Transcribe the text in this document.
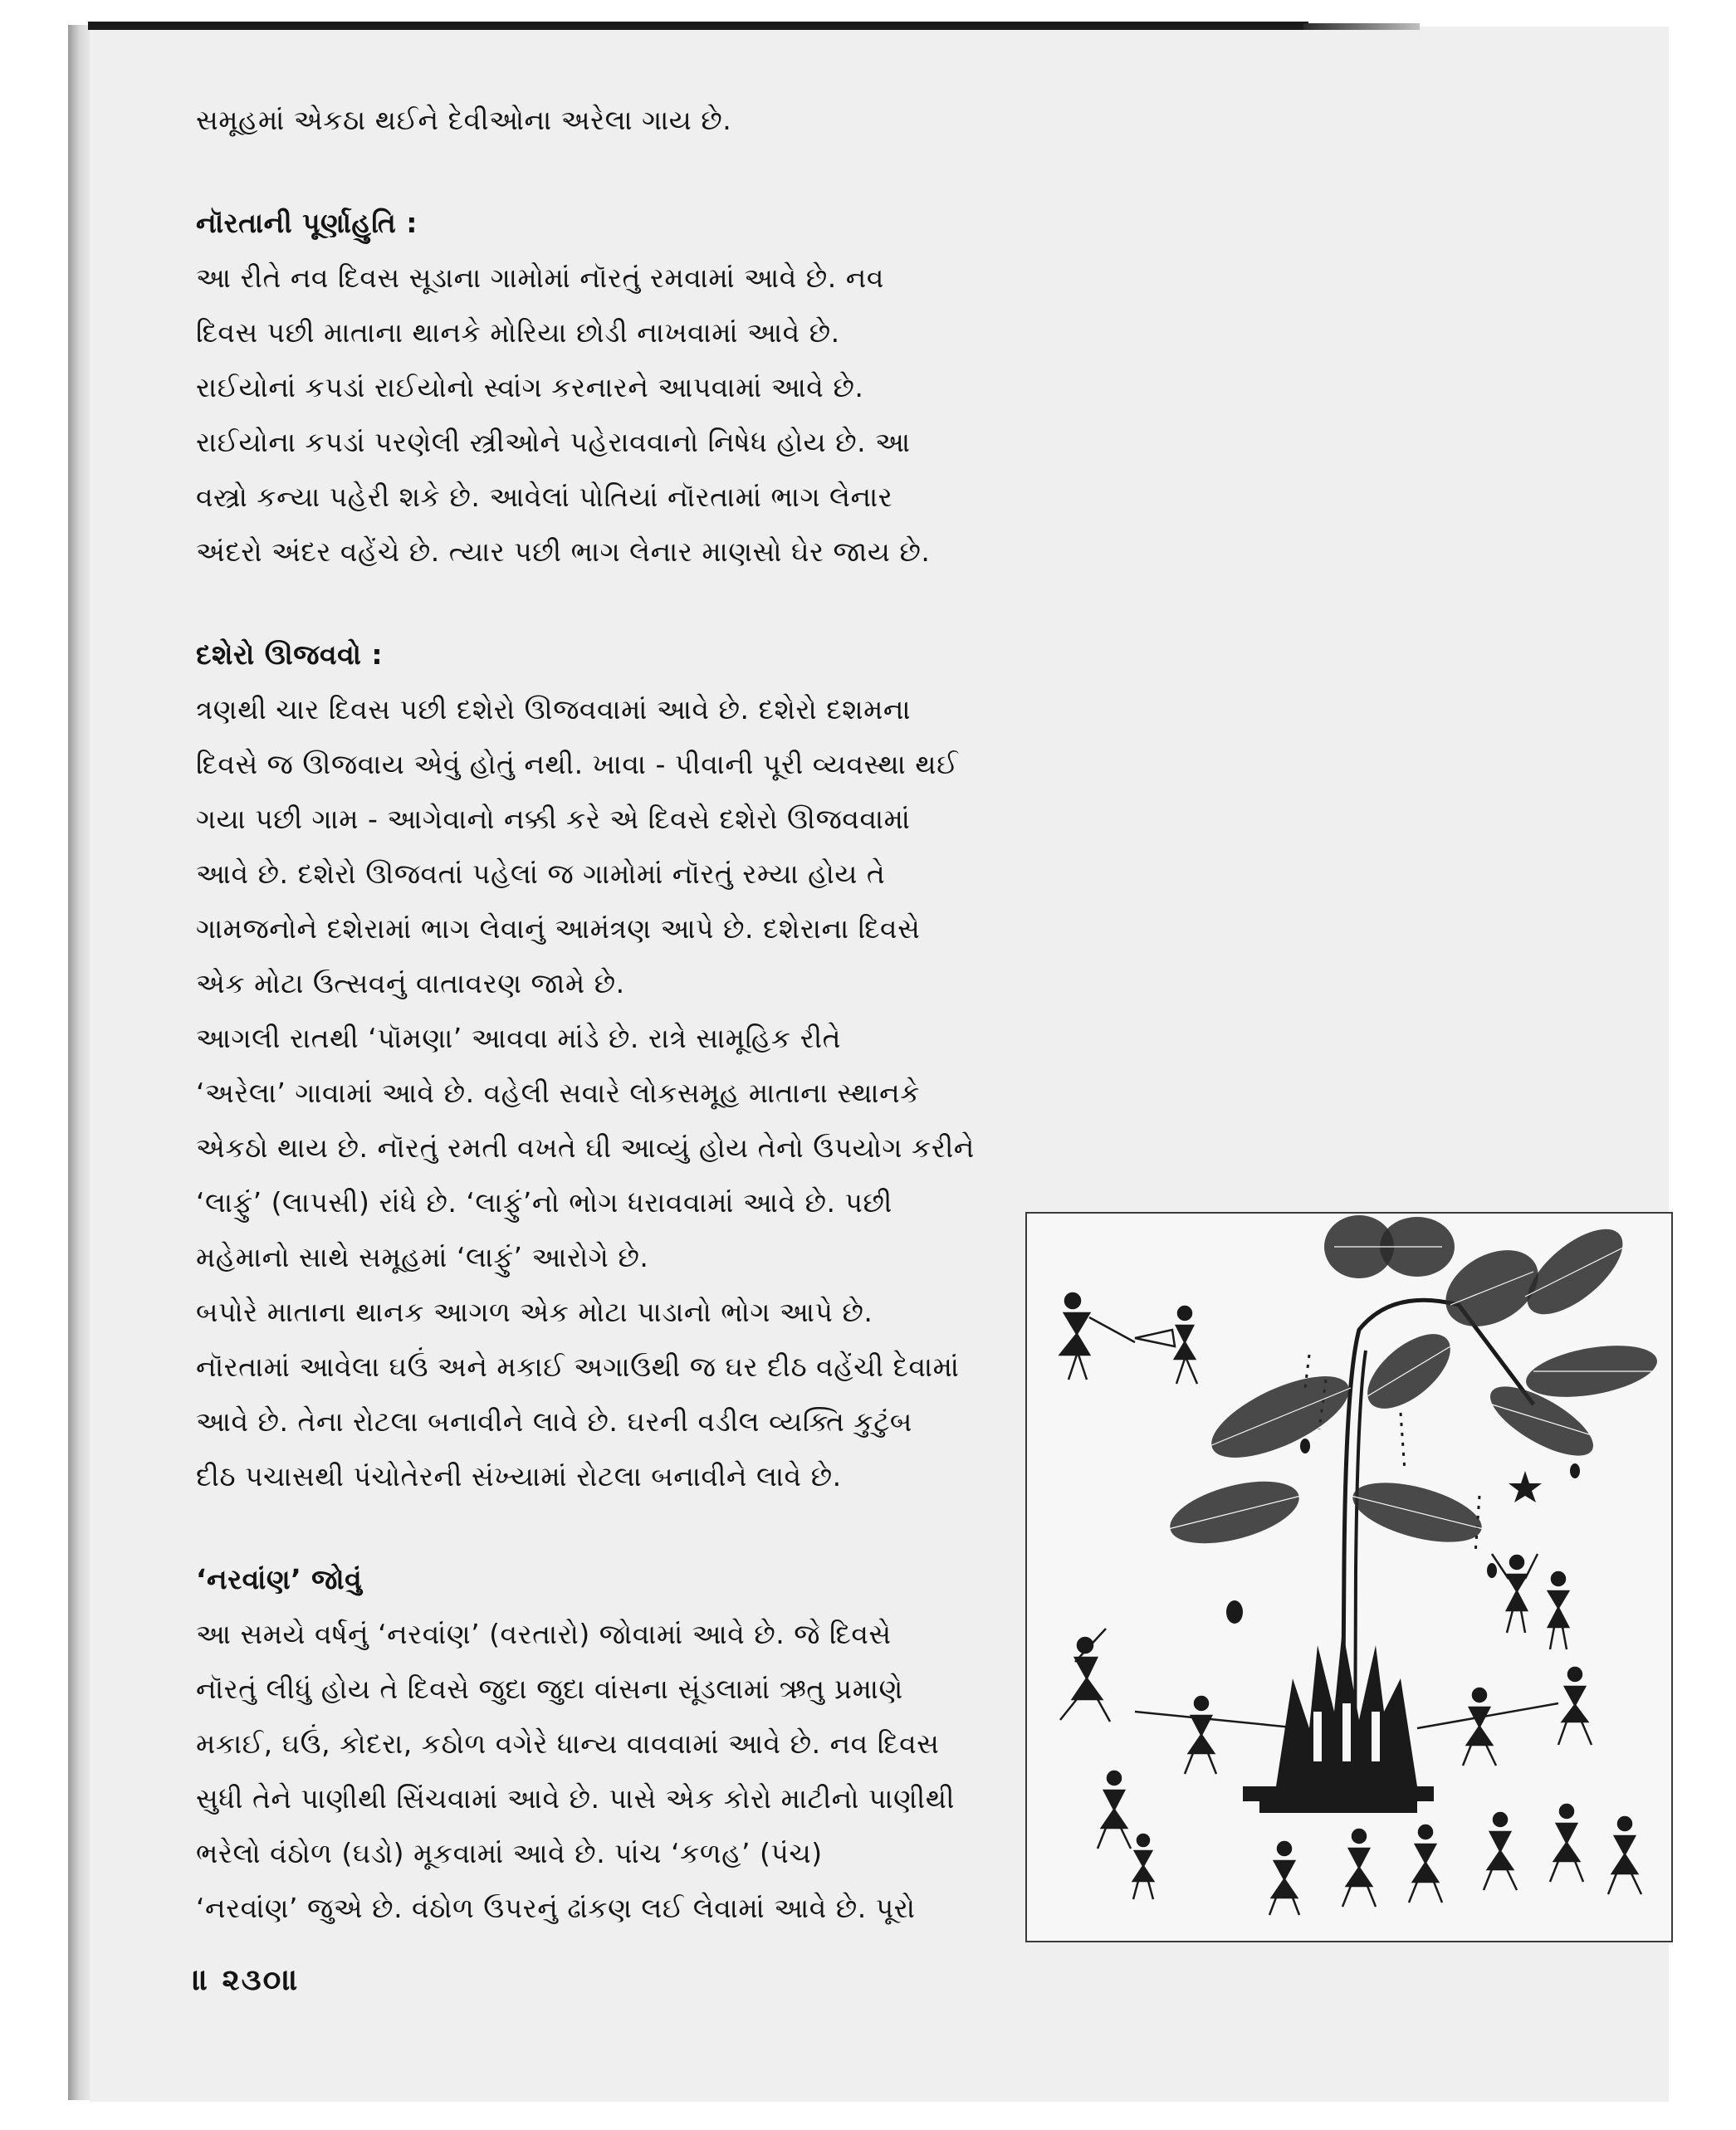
સમૂહમાં એકઠા થઈને દેવીઓના અરેલા ગાય છે.
નૉરતાની પૂર્ણાહુતિ :
આ રીતે નવ દિવસ સૂડાના ગામોમાં નૉરતું રમવામાં આવે છે. નવ
દિવસ પછી માતાના થાનકે મોરિયા છોડી નાખવામાં આવે છે.
રાઈયોનાં કપડાં રાઈયોનો સ્વાંગ કરનારને આપવામાં આવે છે.
રાઈયોના કપડાં પરણેલી સ્ત્રીઓને પહેરાવવાનો નિષેધ હોય છે. આ
વસ્ત્રો કન્યા પહેરી શકે છે. આવેલાં પોતિયાં નૉરતામાં ભાગ લેનાર
અંદરો અંદર વહેંચે છે. ત્યાર પછી ભાગ લેનાર માણસો ઘેર જાય છે.
દશેરો ઊજવવો :
ત્રણથી ચાર દિવસ પછી દશેરો ઊજવવામાં આવે છે. દશેરો દશમના
દિવસે જ ઊજવાય એવું હોતું નથી. ખાવા - પીવાની પૂરી વ્યવસ્થા થઈ
ગયા પછી ગામ - આગેવાનો નક્કી કરે એ દિવસે દશેરો ઊજવવામાં
આવે છે. દશેરો ઊજવતાં પહેલાં જ ગામોમાં નૉરતું રમ્યા હોય તે
ગામજનોને દશેરામાં ભાગ લેવાનું આમંત્રણ આપે છે. દશેરાના દિવસે
એક મોટા ઉત્સવનું વાતાવરણ જામે છે.
આગલી રાતથી ‘પૉમણા’ આવવા માંડે છે. રાત્રે સામૂહિક રીતે
‘અરેલા’ ગાવામાં આવે છે. વહેલી સવારે લોકસમૂહ માતાના સ્થાનકે
એકઠો થાય છે. નૉરતું રમતી વખતે ઘી આવ્યું હોય તેનો ઉપયોગ કરીને
‘લાફું’ (લાપસી) રાંધે છે. ‘લાફું’નો ભોગ ધરાવવામાં આવે છે. પછી
મહેમાનો સાથે સમૂહમાં ‘લાફું’ આરોગે છે.
બપોરે માતાના થાનક આગળ એક મોટા પાડાનો ભોગ આપે છે.
નૉરતામાં આવેલા ઘઉં અને મકાઈ અગાઉથી જ ઘર દીઠ વહેંચી દેવામાં
આવે છે. તેના રોટલા બનાવીને લાવે છે. ઘરની વડીલ વ્યક્તિ કુટુંબ
દીઠ પચાસથી પંચોતેરની સંખ્યામાં રોટલા બનાવીને લાવે છે.
‘નરવાંણ’ જોવું
આ સમયે વર્ષનું ‘નરવાંણ’ (વરતારો) જોવામાં આવે છે. જે દિવસે
નૉરતું લીધું હોય તે દિવસે જુદા જુદા વાંસના સૂંડલામાં ઋતુ પ્રમાણે
મકાઈ, ઘઉં, કોદરા, કઠોળ વગેરે ધાન્ય વાવવામાં આવે છે. નવ દિવસ
સુધી તેને પાણીથી સિંચવામાં આવે છે. પાસે એક કોરો માટીનો પાણીથી
ભરેલો વંઠોળ (ઘડો) મૂકવામાં આવે છે. પાંચ ‘કળહ’ (પંચ)
‘નરવાંણ’ જુએ છે. વંઠોળ ઉપરનું ઢાંકણ લઈ લેવામાં આવે છે. પૂરો
॥ ૨૩૦॥
